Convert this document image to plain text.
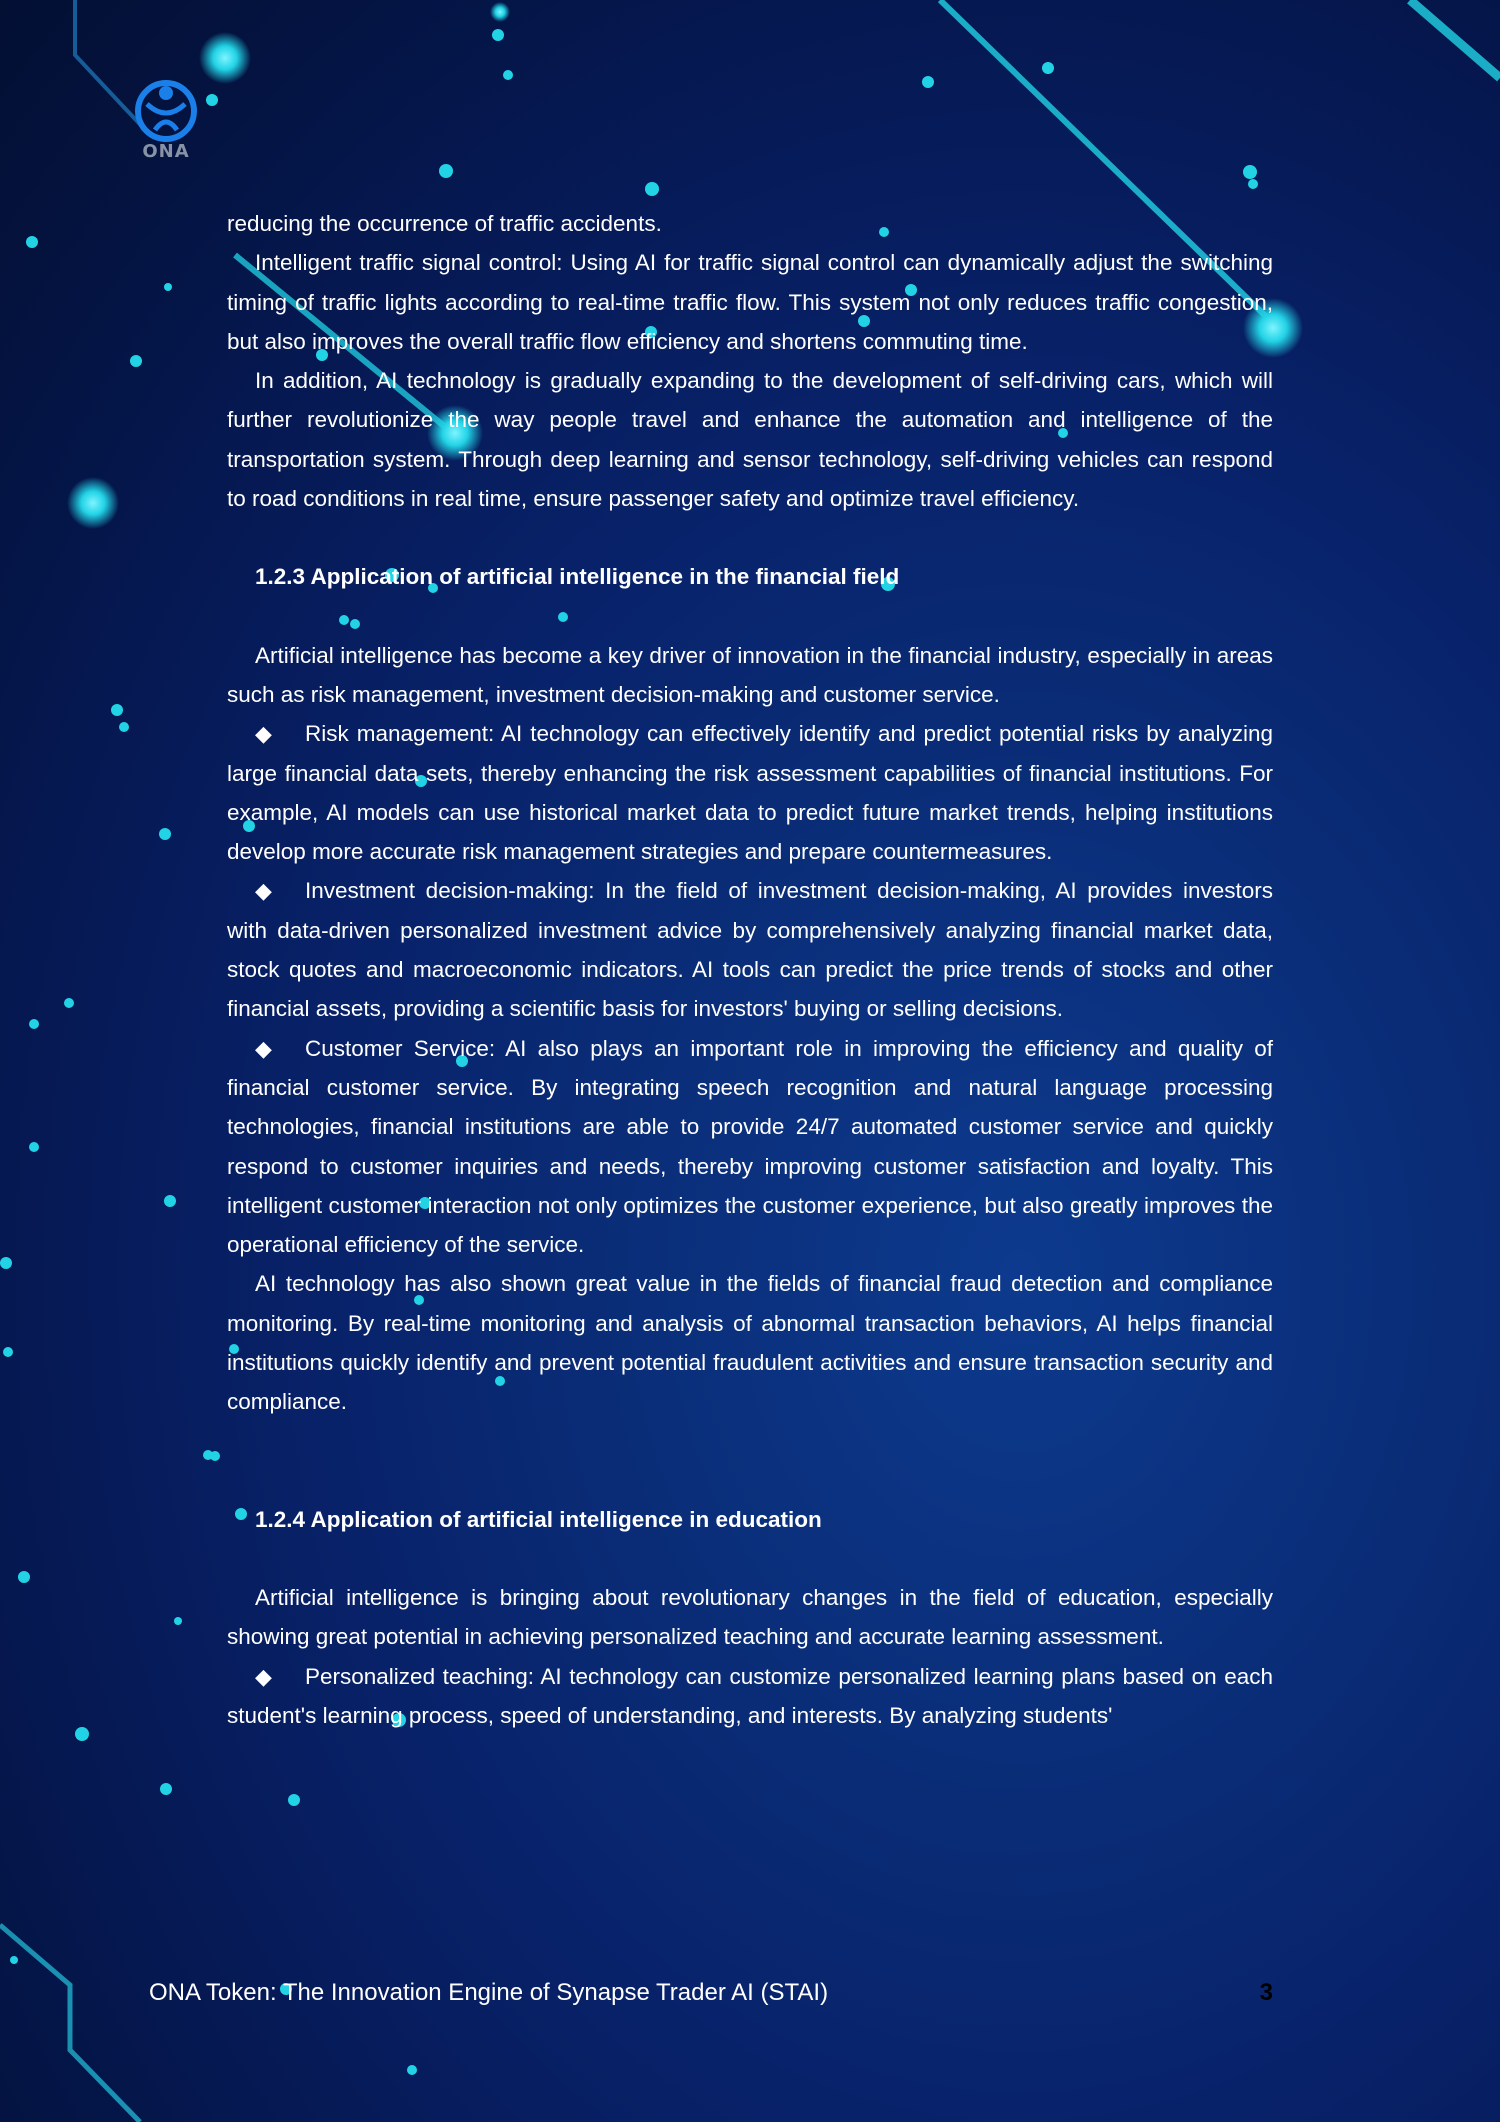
ONA

reducing the occurrence of traffic accidents.

Intelligent traffic signal control: Using AI for traffic signal control can dynamically adjust the switching timing of traffic lights according to real-time traffic flow. This system not only reduces traffic congestion, but also improves the overall traffic flow efficiency and shortens commuting time.

In addition, AI technology is gradually expanding to the development of self-driving cars, which will further revolutionize the way people travel and enhance the automation and intelligence of the transportation system. Through deep learning and sensor technology, self-driving vehicles can respond to road conditions in real time, ensure passenger safety and optimize travel efficiency.

1.2.3 Application of artificial intelligence in the financial field

Artificial intelligence has become a key driver of innovation in the financial industry, especially in areas such as risk management, investment decision-making and customer service.

◆ Risk management: AI technology can effectively identify and predict potential risks by analyzing large financial data sets, thereby enhancing the risk assessment capabilities of financial institutions. For example, AI models can use historical market data to predict future market trends, helping institutions develop more accurate risk management strategies and prepare countermeasures.

◆ Investment decision-making: In the field of investment decision-making, AI provides investors with data-driven personalized investment advice by comprehensively analyzing financial market data, stock quotes and macroeconomic indicators. AI tools can predict the price trends of stocks and other financial assets, providing a scientific basis for investors' buying or selling decisions.

◆ Customer Service: AI also plays an important role in improving the efficiency and quality of financial customer service. By integrating speech recognition and natural language processing technologies, financial institutions are able to provide 24/7 automated customer service and quickly respond to customer inquiries and needs, thereby improving customer satisfaction and loyalty. This intelligent customer interaction not only optimizes the customer experience, but also greatly improves the operational efficiency of the service.

AI technology has also shown great value in the fields of financial fraud detection and compliance monitoring. By real-time monitoring and analysis of abnormal transaction behaviors, AI helps financial institutions quickly identify and prevent potential fraudulent activities and ensure transaction security and compliance.

1.2.4 Application of artificial intelligence in education

Artificial intelligence is bringing about revolutionary changes in the field of education, especially showing great potential in achieving personalized teaching and accurate learning assessment.

◆ Personalized teaching: AI technology can customize personalized learning plans based on each student's learning process, speed of understanding, and interests. By analyzing students'

ONA Token: The Innovation Engine of Synapse Trader AI (STAI)	3
